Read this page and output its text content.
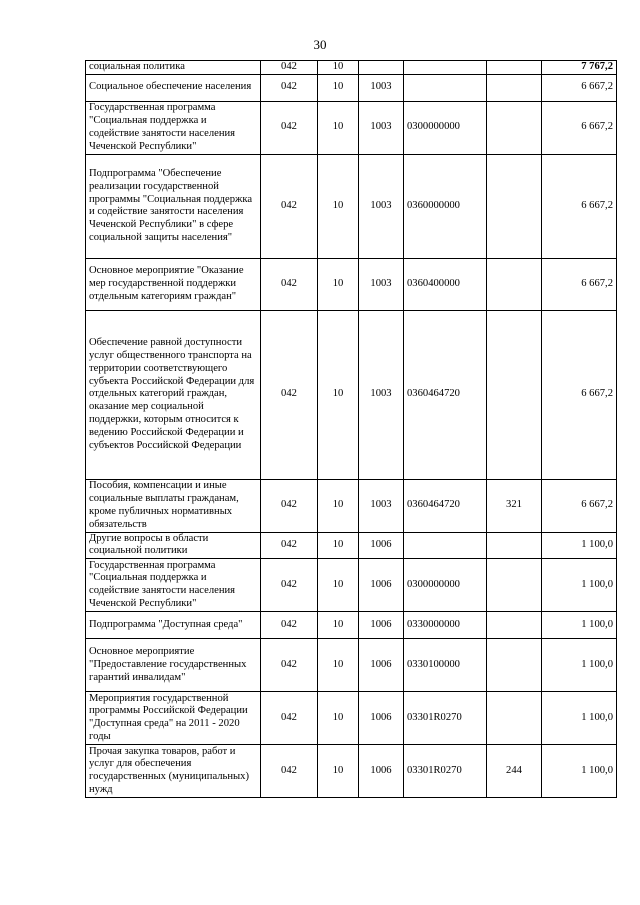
30
социальная политика	042	10				7 767,2
Социальное обеспечение населения	042	10	1003			6 667,2
Государственная программа "Социальная поддержка и содействие занятости населения Чеченской Республики"	042	10	1003	0300000000		6 667,2
Подпрограмма "Обеспечение реализации государственной программы "Социальная поддержка и содействие занятости населения Чеченской Республики" в сфере социальной защиты населения"	042	10	1003	0360000000		6 667,2
Основное мероприятие "Оказание мер государственной поддержки отдельным категориям граждан"	042	10	1003	0360400000		6 667,2
Обеспечение равной доступности услуг общественного транспорта на территории соответствующего субъекта Российской Федерации для отдельных категорий граждан, оказание мер социальной поддержки, которым относится к ведению Российской Федерации и субъектов Российской Федерации	042	10	1003	0360464720		6 667,2
Пособия, компенсации и иные социальные выплаты гражданам, кроме публичных нормативных обязательств	042	10	1003	0360464720	321	6 667,2
Другие вопросы в области социальной политики	042	10	1006			1 100,0
Государственная программа "Социальная поддержка и содействие занятости населения Чеченской Республики"	042	10	1006	0300000000		1 100,0
Подпрограмма "Доступная среда"	042	10	1006	0330000000		1 100,0
Основное мероприятие "Предоставление государственных гарантий инвалидам"	042	10	1006	0330100000		1 100,0
Мероприятия государственной программы Российской Федерации "Доступная среда" на 2011 - 2020 годы	042	10	1006	03301R0270		1 100,0
Прочая закупка товаров, работ и услуг для обеспечения государственных (муниципальных) нужд	042	10	1006	03301R0270	244	1 100,0
